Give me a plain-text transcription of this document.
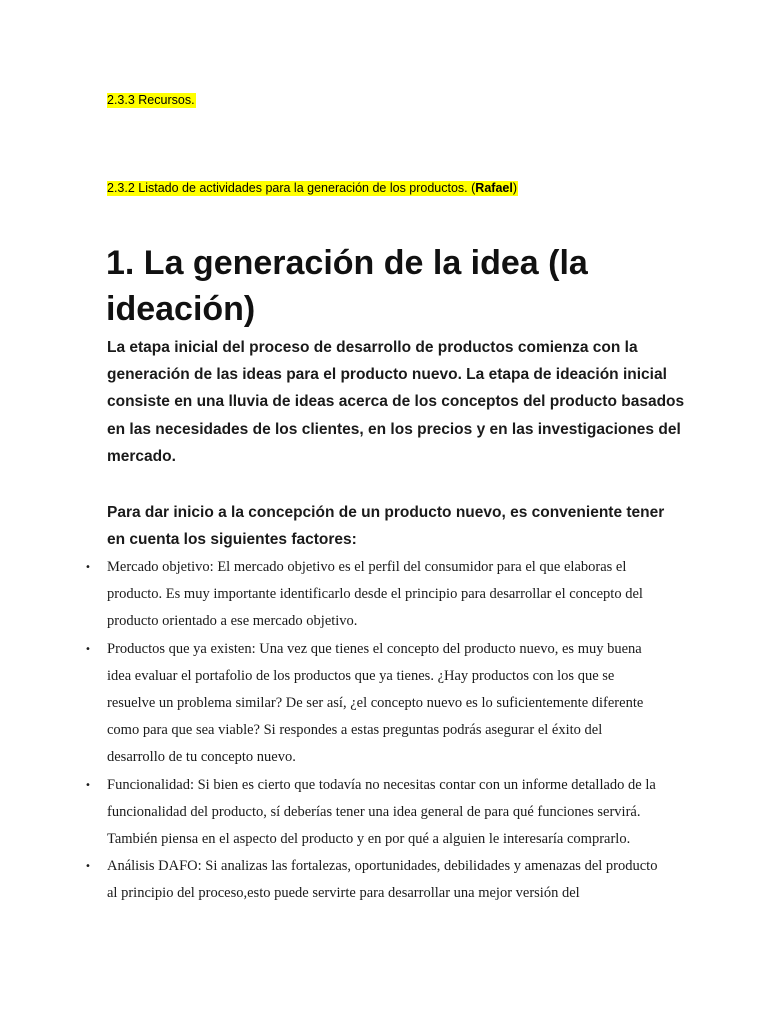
2.3.3 Recursos.
2.3.2 Listado de actividades para la generación de los productos. (Rafael)
1. La generación de la idea (la ideación)

La etapa inicial del proceso de desarrollo de productos comienza con la generación de las ideas para el producto nuevo. La etapa de ideación inicial consiste en una lluvia de ideas acerca de los conceptos del producto basados en las necesidades de los clientes, en los precios y en las investigaciones del mercado.

Para dar inicio a la concepción de un producto nuevo, es conveniente tener en cuenta los siguientes factores:

• Mercado objetivo: El mercado objetivo es el perfil del consumidor para el que elaboras el producto. Es muy importante identificarlo desde el principio para desarrollar el concepto del producto orientado a ese mercado objetivo.
• Productos que ya existen: Una vez que tienes el concepto del producto nuevo, es muy buena idea evaluar el portafolio de los productos que ya tienes. ¿Hay productos con los que se resuelve un problema similar? De ser así, ¿el concepto nuevo es lo suficientemente diferente como para que sea viable? Si respondes a estas preguntas podrás asegurar el éxito del desarrollo de tu concepto nuevo.
• Funcionalidad: Si bien es cierto que todavía no necesitas contar con un informe detallado de la funcionalidad del producto, sí deberías tener una idea general de para qué funciones servirá. También piensa en el aspecto del producto y en por qué a alguien le interesaría comprarlo.
• Análisis DAFO: Si analizas las fortalezas, oportunidades, debilidades y amenazas del producto al principio del proceso,esto puede servirte para desarrollar una mejor versión del
